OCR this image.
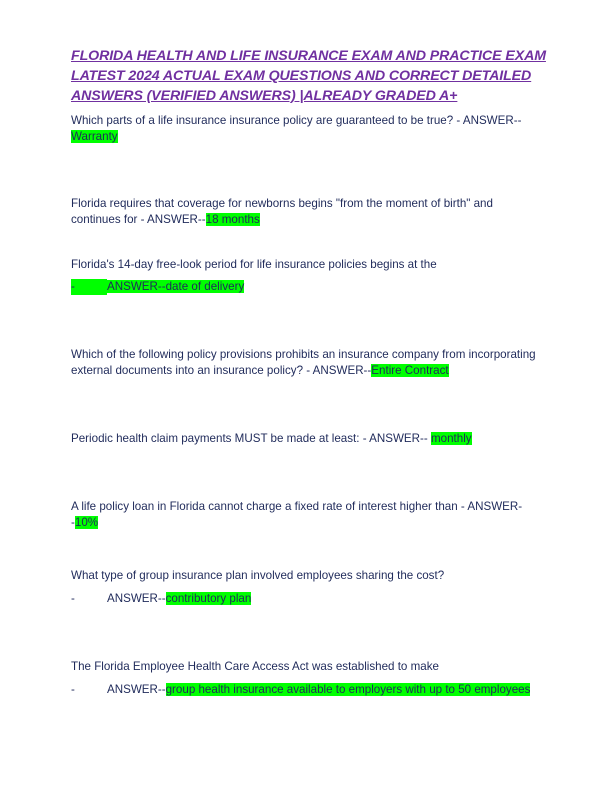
FLORIDA HEALTH AND LIFE INSURANCE EXAM AND PRACTICE EXAM LATEST 2024 ACTUAL EXAM QUESTIONS AND CORRECT DETAILED ANSWERS (VERIFIED ANSWERS) |ALREADY GRADED A+

Which parts of a life insurance insurance policy are guaranteed to be true? - ANSWER--Warranty

Florida requires that coverage for newborns begins "from the moment of birth" and continues for - ANSWER--18 months

Florida's 14-day free-look period for life insurance policies begins at the

-	ANSWER--date of delivery

Which of the following policy provisions prohibits an insurance company from incorporating external documents into an insurance policy? - ANSWER--Entire Contract

Periodic health claim payments MUST be made at least: - ANSWER-- monthly

A life policy loan in Florida cannot charge a fixed rate of interest higher than - ANSWER--10%

What type of group insurance plan involved employees sharing the cost?

-	ANSWER--contributory plan

The Florida Employee Health Care Access Act was established to make

-	ANSWER--group health insurance available to employers with up to 50 employees
